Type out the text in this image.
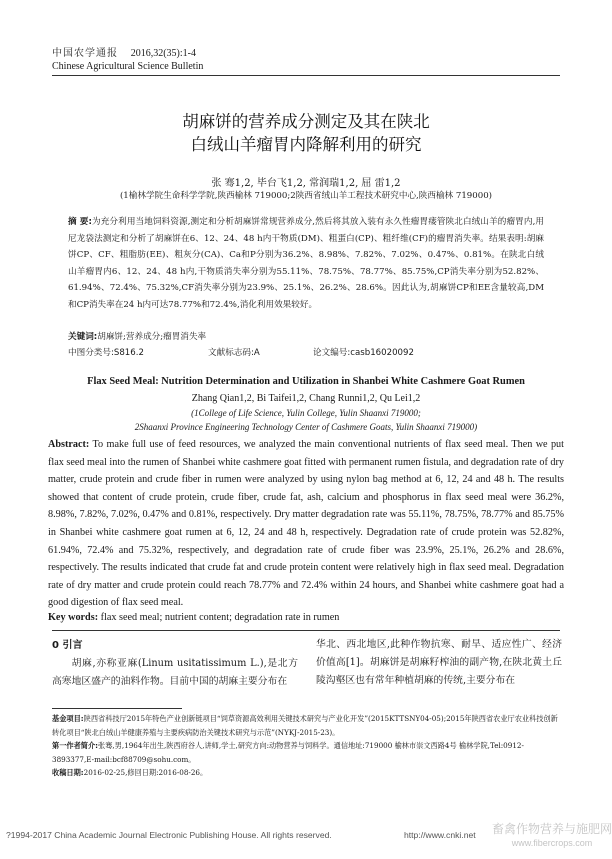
中国农学通报 2016,32(35):1-4
Chinese Agricultural Science Bulletin
胡麻饼的营养成分测定及其在陕北
白绒山羊瘤胃内降解利用的研究
张 骞1,2, 毕台飞1,2, 常润瑞1,2, 屈 雷1,2
(1榆林学院生命科学学院,陕西榆林 719000;2陕西省绒山羊工程技术研究中心,陕西榆林 719000)
摘 要:为充分利用当地饲料资源,测定和分析胡麻饼常规营养成分,然后将其放入装有永久性瘤胃瘘管陕北白绒山羊的瘤胃内,用尼龙袋法测定和分析了胡麻饼在6、12、24、48 h内干物质(DM)、粗蛋白(CP)、粗纤维(CF)的瘤胃消失率。结果表明:胡麻饼CP、CF、粗脂肪(EE)、粗灰分(CA)、Ca和P分别为36.2%、8.98%、7.82%、7.02%、0.47%、0.81%。在陕北白绒山羊瘤胃内6、12、24、48 h内,干物质消失率分别为55.11%、78.75%、78.77%、85.75%,CP消失率分别为52.82%、61.94%、72.4%、75.32%,CF消失率分别为23.9%、25.1%、26.2%、28.6%。因此认为,胡麻饼CP和EE含量较高,DM和CP消失率在24 h内可达78.77%和72.4%,消化利用效果较好。
关键词:胡麻饼;营养成分;瘤胃消失率
中图分类号:S816.2	文献标志码:A	论文编号:casb16020092
Flax Seed Meal: Nutrition Determination and Utilization in Shanbei White Cashmere Goat Rumen
Zhang Qian1,2, Bi Taifei1,2, Chang Runni1,2, Qu Lei1,2
(1College of Life Science, Yulin College, Yulin Shaanxi 719000;
2Shaanxi Province Engineering Technology Center of Cashmere Goats, Yulin Shaanxi 719000)
Abstract: To make full use of feed resources, we analyzed the main conventional nutrients of flax seed meal. Then we put flax seed meal into the rumen of Shanbei white cashmere goat fitted with permanent rumen fistula, and degradation rate of dry matter, crude protein and crude fiber in rumen were analyzed by using nylon bag method at 6, 12, 24 and 48 h. The results showed that content of crude protein, crude fiber, crude fat, ash, calcium and phosphorus in flax seed meal were 36.2%, 8.98%, 7.82%, 7.02%, 0.47% and 0.81%, respectively. Dry matter degradation rate was 55.11%, 78.75%, 78.77% and 85.75% in Shanbei white cashmere goat rumen at 6, 12, 24 and 48 h, respectively. Degradation rate of crude protein was 52.82%, 61.94%, 72.4% and 75.32%, respectively, and degradation rate of crude fiber was 23.9%, 25.1%, 26.2% and 28.6%, respectively. The results indicated that crude fat and crude protein content were relatively high in flax seed meal. Degradation rate of dry matter and crude protein could reach 78.77% and 72.4% within 24 hours, and Shanbei white cashmere goat had a good digestion of flax seed meal.
Key words: flax seed meal; nutrient content; degradation rate in rumen
0 引言
胡麻,亦称亚麻(Linum usitatissimum L.),是北方高寒地区盛产的油料作物。目前中国的胡麻主要分布在
华北、西北地区,此种作物抗寒、耐旱、适应性广、经济价值高[1]。胡麻饼是胡麻籽榨油的副产物,在陕北黄土丘陵沟壑区也有常年种植胡麻的传统,主要分布在
基金项目:陕西省科技厅2015年特色产业创新链项目“饲草资源高效利用关键技术研究与产业化开发”(2015KTTSNY04-05);2015年陕西省农业厅农业科技创新转化项目“陕北白绒山羊健康养殖与主要疾病防治关键技术研究与示范”(NYKJ-2015-23)。
第一作者简介:张骞,男,1964年出生,陕西府谷人,讲师,学士,研究方向:动物营养与饲料学。通信地址:719000 榆林市崇文西路4号 榆林学院,Tel:0912-3893377,E-mail:bcf88709@sohu.com。
收稿日期:2016-02-25,修回日期:2016-08-26。
?1994-2017 China Academic Journal Electronic Publishing House. All rights reserved.	http://www.cnki.net 畜禽作物营养与施肥网
www.fibercrops.com
